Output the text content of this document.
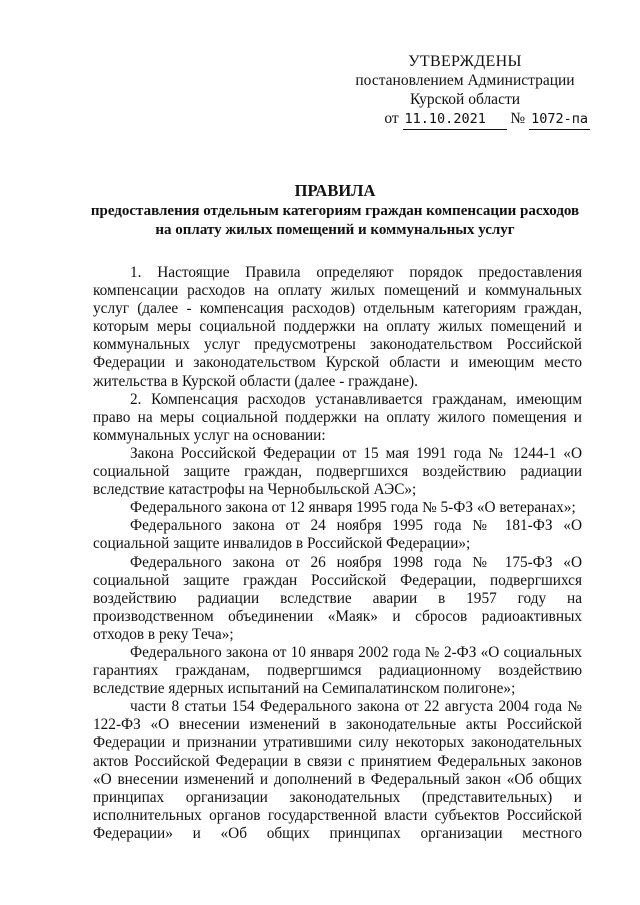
УТВЕРЖДЕНЫ
постановлением Администрации
Курской области
от 11.10.2021 № 1072-па
ПРАВИЛА
предоставления отдельным категориям граждан компенсации расходов на оплату жилых помещений и коммунальных услуг

1. Настоящие Правила определяют порядок предоставления компенсации расходов на оплату жилых помещений и коммунальных услуг (далее - компенсация расходов) отдельным категориям граждан, которым меры социальной поддержки на оплату жилых помещений и коммунальных услуг предусмотрены законодательством Российской Федерации и законодательством Курской области и имеющим место жительства в Курской области (далее - граждане).

2. Компенсация расходов устанавливается гражданам, имеющим право на меры социальной поддержки на оплату жилого помещения и коммунальных услуг на основании:

Закона Российской Федерации от 15 мая 1991 года № 1244-1 «О социальной защите граждан, подвергшихся воздействию радиации вследствие катастрофы на Чернобыльской АЭС»;

Федерального закона от 12 января 1995 года № 5-ФЗ «О ветеранах»;

Федерального закона от 24 ноября 1995 года № 181-ФЗ «О социальной защите инвалидов в Российской Федерации»;

Федерального закона от 26 ноября 1998 года № 175-ФЗ «О социальной защите граждан Российской Федерации, подвергшихся воздействию радиации вследствие аварии в 1957 году на производственном объединении «Маяк» и сбросов радиоактивных отходов в реку Теча»;

Федерального закона от 10 января 2002 года № 2-ФЗ «О социальных гарантиях гражданам, подвергшимся радиационному воздействию вследствие ядерных испытаний на Семипалатинском полигоне»;

части 8 статьи 154 Федерального закона от 22 августа 2004 года № 122-ФЗ «О внесении изменений в законодательные акты Российской Федерации и признании утратившими силу некоторых законодательных актов Российской Федерации в связи с принятием Федеральных законов «О внесении изменений и дополнений в Федеральный закон «Об общих принципах организации законодательных (представительных) и исполнительных органов государственной власти субъектов Российской Федерации» и «Об общих принципах организации местного
